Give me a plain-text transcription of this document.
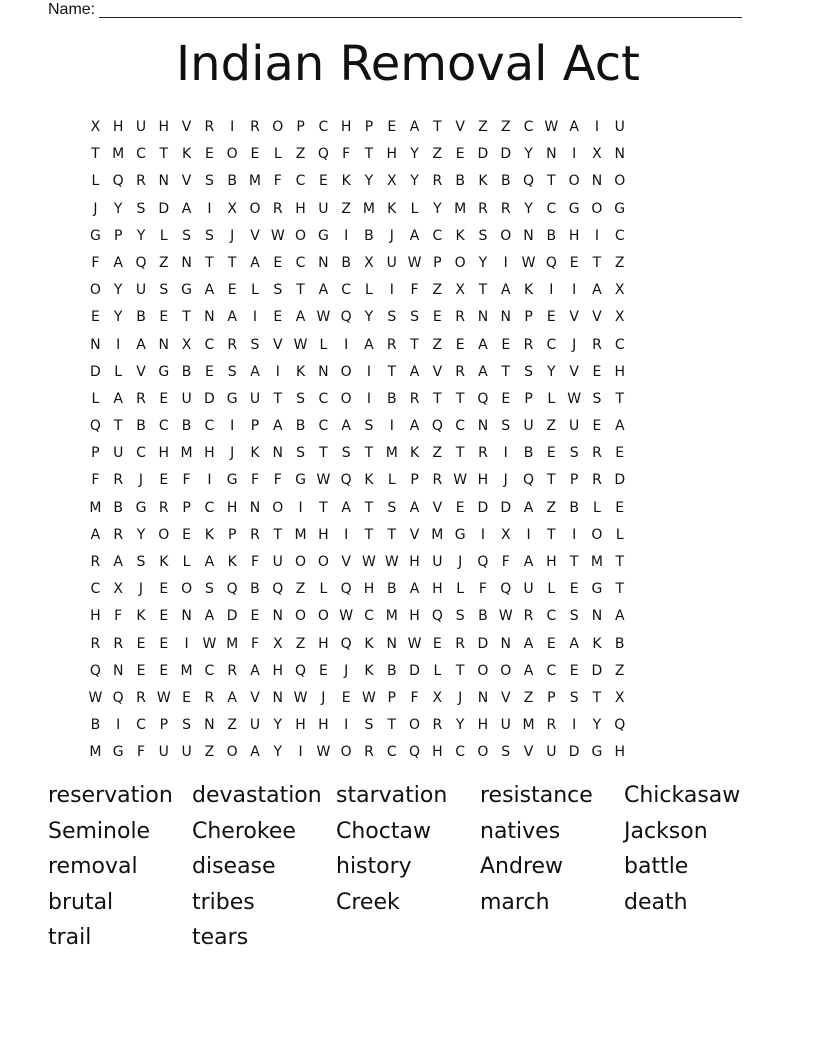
Name:
Indian Removal Act
X H U H V R	I	R O P C H P	E A T V Z Z C W A	I	U
T M C T K E O E	L	Z Q F	T H Y Z E D D Y N	I	X N
L Q R N V S B M F C E K Y X Y R B K B Q T O N O
J	Y	S D A	I	X O R H U Z M K	L	Y M R R Y C G O G
G P	Y	L	S S	J	V W O G	I	B	J	A C K S O N B H	I	C
F A Q Z N T	T A E C N B X U W P O Y	I W Q E	T Z
O Y U S G A E	L	S	T A C	L	I	F Z X T A K	I	I	A X
E	Y B E	T N A	I	E A W Q Y	S S E R N N P	E V V X
N	I	A N X C R S V W L	I	A R T Z E A E R C	J	R C
D L	V G B E S A	I	K N O	I	T A V R A T	S	Y V E H
L	A R E U D G U T	S C O	I	B R T	T Q E	P	L W S	T
Q T B C B C	I	P A B C A S	I	A Q C N S U Z U E A
P U C H M H	J	K N S	T	S	T M K Z T R	I	B E S R E
F R	J	E	F	I	G F	F G W Q K	L	P R W H	J	Q T	P R D
M B G R P C H N O	I	T A T	S A V E D D A Z B	L	E
A R Y O E K P R T M H	I	T	T V M G	I	X	I	T	I	O L
R A S K	L	A K	F U O O V W W H U	J	Q F A H T M T
C X	J	E O S Q B Q Z	L Q H B A H L	F Q U L	E G T
H F	K E N A D E N O O W C M H Q S B W R C S N A
R R E E	I W M F X Z H Q K N W E R D N A E A K B
Q N E E M C R A H Q E	J	K B D L	T O O A C E D Z
W Q R W E R A V N W J	E W P	F X	J	N V Z P	S	T X
B	I	C P	S N Z U Y H H	I	S	T O R Y H U M R	I	Y Q
M G F U U Z O A Y	I W O R C Q H C O S V U D G H
reservation devastation starvation	resistance	Chickasaw
Seminole	Cherokee	Choctaw	natives	Jackson
removal	disease	history	Andrew	battle
brutal	tribes	Creek	march	death
trail	tears
